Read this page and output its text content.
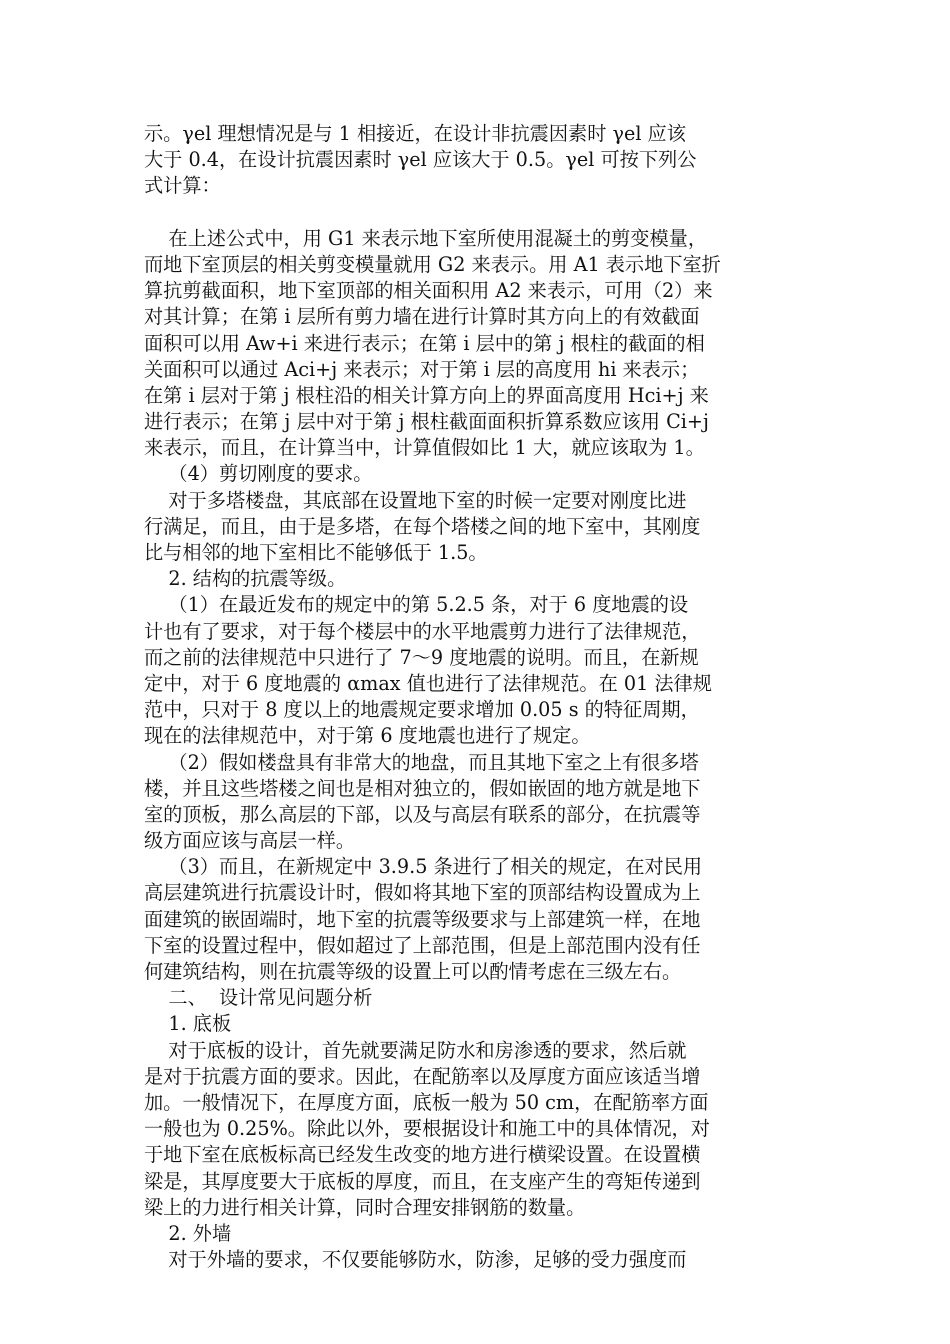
示。γel 理想情况是与 1 相接近，在设计非抗震因素时 γel 应该
大于 0.4，在设计抗震因素时 γel 应该大于 0.5。γel 可按下列公
式计算：
在上述公式中，用 G1 来表示地下室所使用混凝土的剪变模量，
而地下室顶层的相关剪变模量就用 G2 来表示。用 A1 表示地下室折
算抗剪截面积，地下室顶部的相关面积用 A2 来表示，可用（2）来
对其计算；在第 i 层所有剪力墙在进行计算时其方向上的有效截面
面积可以用 Aw+i 来进行表示；在第 i 层中的第 j 根柱的截面的相
关面积可以通过 Aci+j 来表示；对于第 i 层的高度用 hi 来表示；
在第 i 层对于第 j 根柱沿的相关计算方向上的界面高度用 Hci+j 来
进行表示；在第 j 层中对于第 j 根柱截面面积折算系数应该用 Ci+j
来表示，而且，在计算当中，计算值假如比 1 大，就应该取为 1。
（4）剪切刚度的要求。
对于多塔楼盘，其底部在设置地下室的时候一定要对刚度比进
行满足，而且，由于是多塔，在每个塔楼之间的地下室中，其刚度
比与相邻的地下室相比不能够低于 1.5。
2. 结构的抗震等级。
（1）在最近发布的规定中的第 5.2.5 条，对于 6 度地震的设
计也有了要求，对于每个楼层中的水平地震剪力进行了法律规范，
而之前的法律规范中只进行了 7～9 度地震的说明。而且，在新规
定中，对于 6 度地震的 αmax 值也进行了法律规范。在 01 法律规
范中，只对于 8 度以上的地震规定要求增加 0.05 s 的特征周期，
现在的法律规范中，对于第 6 度地震也进行了规定。
（2）假如楼盘具有非常大的地盘，而且其地下室之上有很多塔
楼，并且这些塔楼之间也是相对独立的，假如嵌固的地方就是地下
室的顶板，那么高层的下部，以及与高层有联系的部分，在抗震等
级方面应该与高层一样。
（3）而且，在新规定中 3.9.5 条进行了相关的规定，在对民用
高层建筑进行抗震设计时，假如将其地下室的顶部结构设置成为上
面建筑的嵌固端时，地下室的抗震等级要求与上部建筑一样，在地
下室的设置过程中，假如超过了上部范围，但是上部范围内没有任
何建筑结构，则在抗震等级的设置上可以酌情考虑在三级左右。
二、  设计常见问题分析
1. 底板
对于底板的设计，首先就要满足防水和房渗透的要求，然后就
是对于抗震方面的要求。因此，在配筋率以及厚度方面应该适当增
加。一般情况下，在厚度方面，底板一般为 50 cm，在配筋率方面
一般也为 0.25%。除此以外，要根据设计和施工中的具体情况，对
于地下室在底板标高已经发生改变的地方进行横梁设置。在设置横
梁是，其厚度要大于底板的厚度，而且，在支座产生的弯矩传递到
梁上的力进行相关计算，同时合理安排钢筋的数量。
2. 外墙
对于外墙的要求，不仅要能够防水，防渗，足够的受力强度而
